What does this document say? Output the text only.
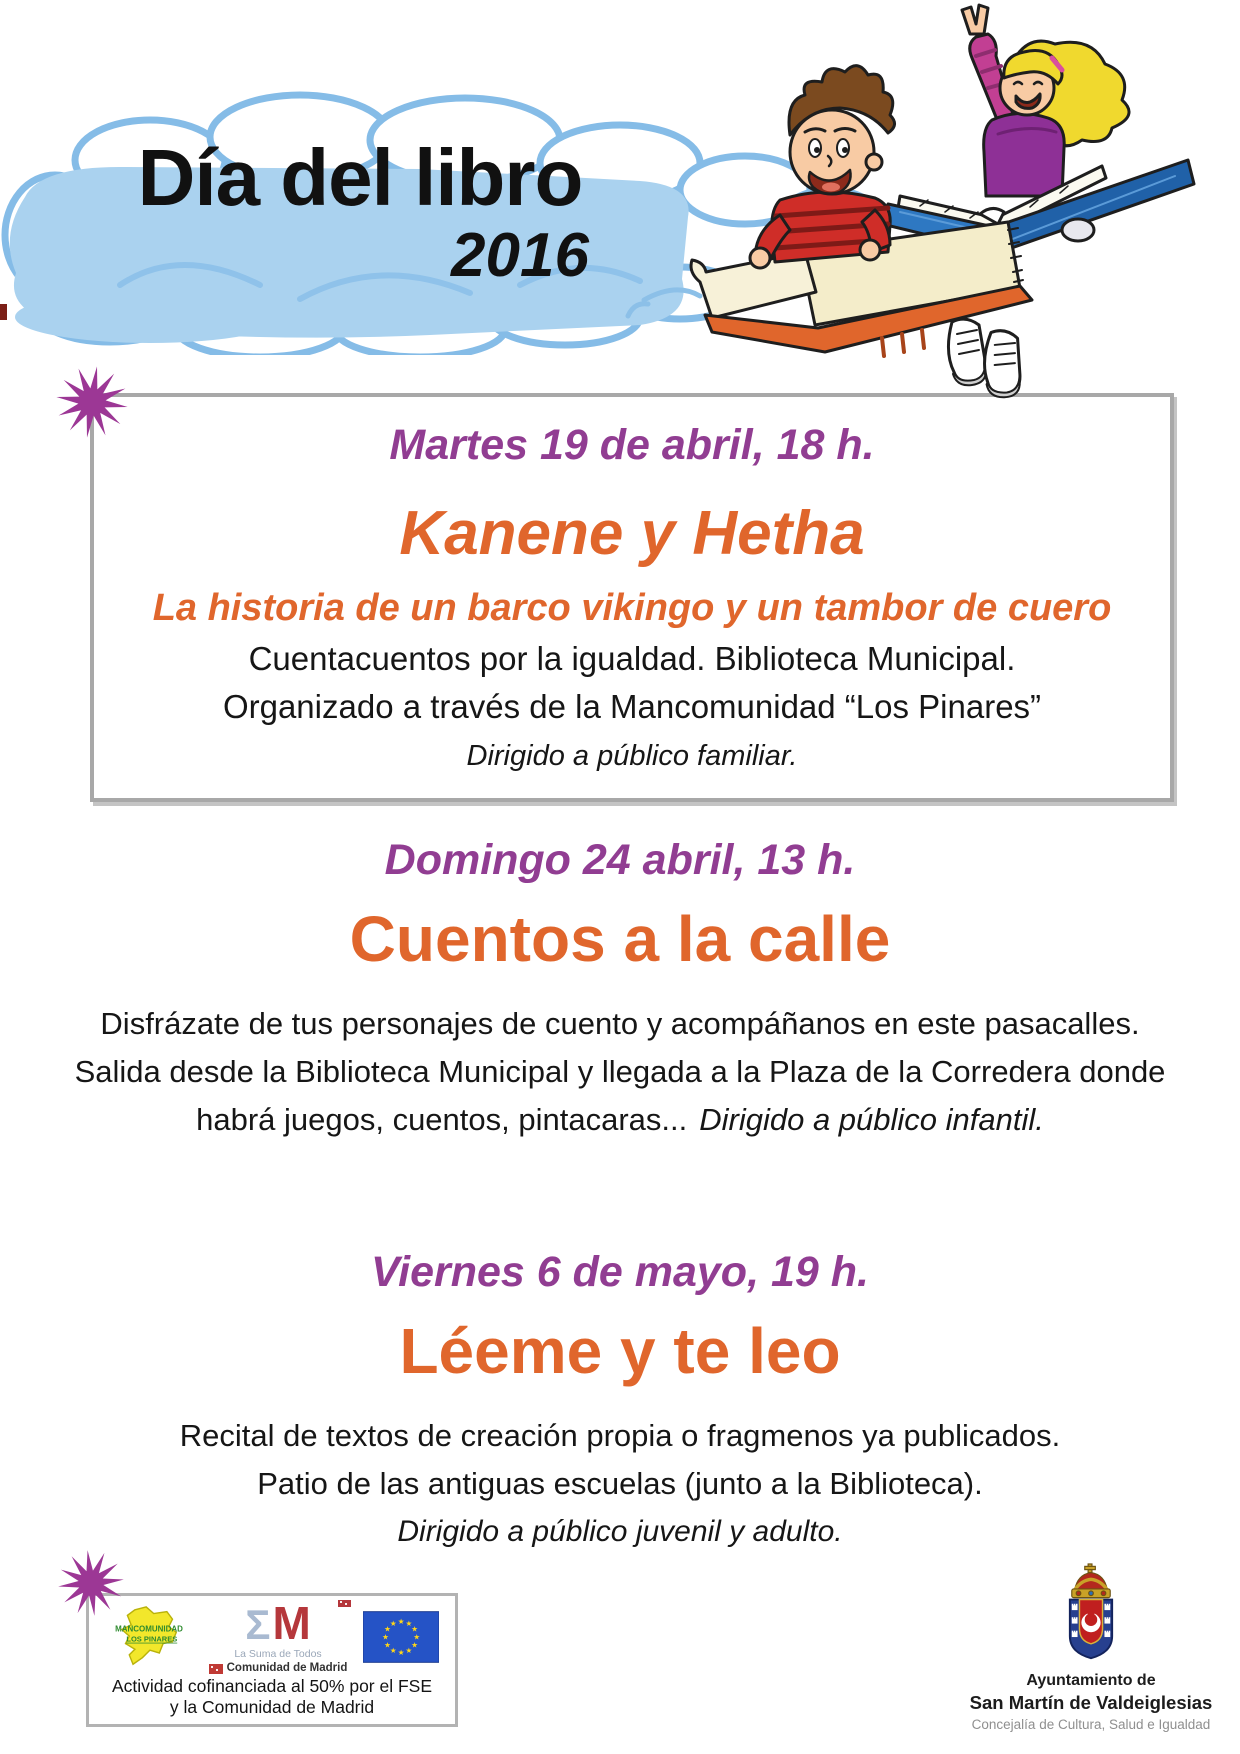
Día del libro
2016
Martes 19 de abril, 18 h.
Kanene y Hetha
La historia de un barco vikingo y un tambor de cuero
Cuentacuentos por la igualdad. Biblioteca Municipal.
Organizado a través de la Mancomunidad “Los Pinares”
Dirigido a público familiar.
Domingo 24 abril, 13 h.
Cuentos a la calle
Disfrázate de tus personajes de cuento y acompáñanos en este pasacalles.
Salida desde la Biblioteca Municipal y llegada a la Plaza de la Corredera donde
habrá juegos, cuentos, pintacaras... Dirigido a público infantil.
Viernes 6 de mayo, 19 h.
Léeme y te leo
Recital de textos de creación propia o fragmenos ya publicados.
Patio de las antiguas escuelas (junto a la Biblioteca).
Dirigido a público juvenil y adulto.
MANCOMUNIDAD
LOS PINARES Σ M
La Suma de Todos
Comunidad de Madrid
★
★
★
★
★
★
★
★
★ ★ ★
★
Actividad cofinanciada al 50% por el FSE
y la Comunidad de Madrid
Ayuntamiento de
San Martín de Valdeiglesias
Concejalía de Cultura, Salud e Igualdad
